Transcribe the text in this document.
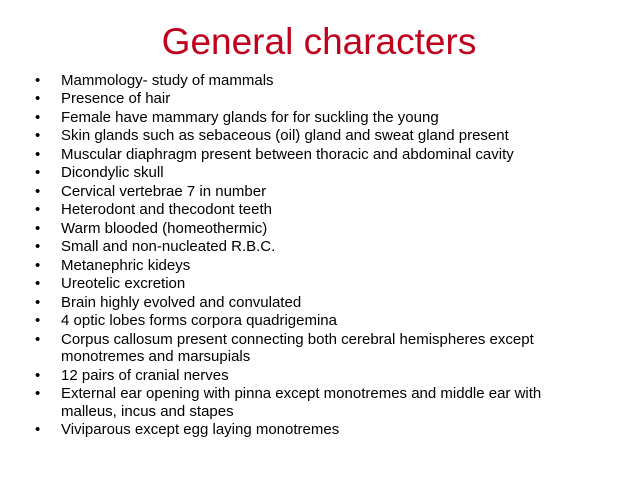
General characters
•	Mammology- study of mammals
•	Presence of hair
•	Female have mammary glands for for suckling the young
•	Skin glands such as sebaceous (oil) gland and sweat gland present
•	Muscular diaphragm present between thoracic and abdominal cavity
•	Dicondylic skull
•	Cervical vertebrae 7 in number
•	Heterodont and thecodont teeth
•	Warm blooded (homeothermic)
•	Small and non-nucleated R.B.C.
•	Metanephric kideys
•	Ureotelic excretion
•	Brain highly evolved and convulated
•	4 optic lobes forms corpora quadrigemina
•	Corpus callosum present connecting both cerebral hemispheres except monotremes and marsupials
•	12 pairs of cranial nerves
•	External ear opening with pinna except monotremes and middle ear with malleus, incus and stapes
•	Viviparous except egg laying monotremes
